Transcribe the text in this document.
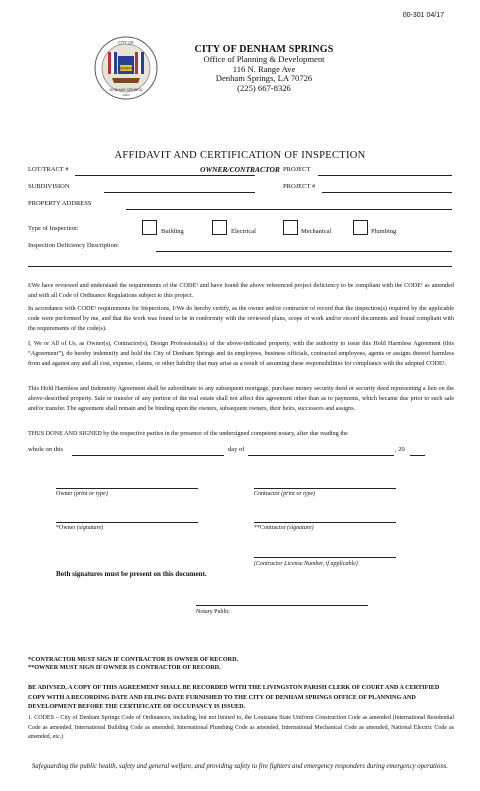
00-301 04/17
DENHAM
CITY OF
DENHAM SPRINGS
1903
CITY OF DENHAM SPRINGS
Office of Planning & Development
116 N. Range Ave
Denham Springs, LA 70726
(225) 667-8326
AFFIDAVIT AND CERTIFICATION OF INSPECTION
OWNER/CONTRACTOR
LOT/TRACT #	PROJECT
SUBDIVISION	PROJECT #
PROPERTY ADDRESS
Type of Inspection:	Building	Electrical	Mechanical	Plumbing
Inspection Deficiency Description:
I/We have reviewed and understand the requirements of the CODE¹ and have found the above referenced project deficiency to be compliant with the CODE¹ as amended and with all Code of Ordinance Regulations subject to this project.
In accordance with CODE¹ requirements for Inspections, I/We do hereby certify, as the owner and/or contractor of record that the inspection(s) required by the applicable code were performed by me, and that the work was found to be in conformity with the reviewed plans, scope of work and/or record documents and found compliant with the requirements of the code(s).
I, We or All of Us, as Owner(s), Contractor(s), Design Professional(s) of the above-indicated property, with the authority to issue this Hold Harmless Agreement (this “Agreement”), do hereby indemnify and hold the City of Denham Springs and its employees, business officials, contracted employees, agents or assigns thereof harmless from and against any and all cost, expense, claims, or other liability that may arise as a result of assuming these responsibilities for compliance with the adopted CODE¹.
This Hold Harmless and Indemnity Agreement shall be subordinate to any subsequent mortgage, purchase money security deed or security deed representing a lien on the above-described property. Sale or transfer of any portion of the real estate shall not affect this agreement other than as to payments, which became due prior to such sale and/or transfer. The agreement shall remain and be binding upon the owners, subsequent owners, their heirs, successors and assigns.
THUS DONE AND SIGNED by the respective parties in the presence of the undersigned competent notary, after due reading the
whole on this	day of	, 20
Owner (print or type)	Contractor (print or type)
*Owner (signature)	**Contractor (signature)
(Contractor License Number, if applicable)
Both signatures must be present on this document.
Notary Public
*CONTRACTOR MUST SIGN IF CONTRACTOR IS OWNER OF RECORD.
**OWNER MUST SIGN IF OWNER IS CONTRACTOR OF RECORD.
BE ADIVSED, A COPY OF THIS AGREEMENT SHALL BE RECORDED WITH THE LIVINGSTON PARISH CLERK OF COURT AND A CERTIFIED COPY WITH A RECORDING DATE AND FILING DATE FURNISHED TO THE CITY OF DENHAM SPRINGS OFFICE OF PLANNING AND DEVELOPMENT BEFORE THE CERTIFICATE OF OCCUPANCY IS ISSUED.
1. CODES – City of Denham Springs Code of Ordinances, including, but not limited to, the Louisiana State Uniform Construction Code as amended (International Residential Code as amended, International Building Code as amended, International Plumbing Code as amended, International Mechanical Code as amended, National Electric Code as amended, etc.)
Safeguarding the public health, safety and general welfare, and providing safety to fire fighters and emergency responders during emergency operations.
